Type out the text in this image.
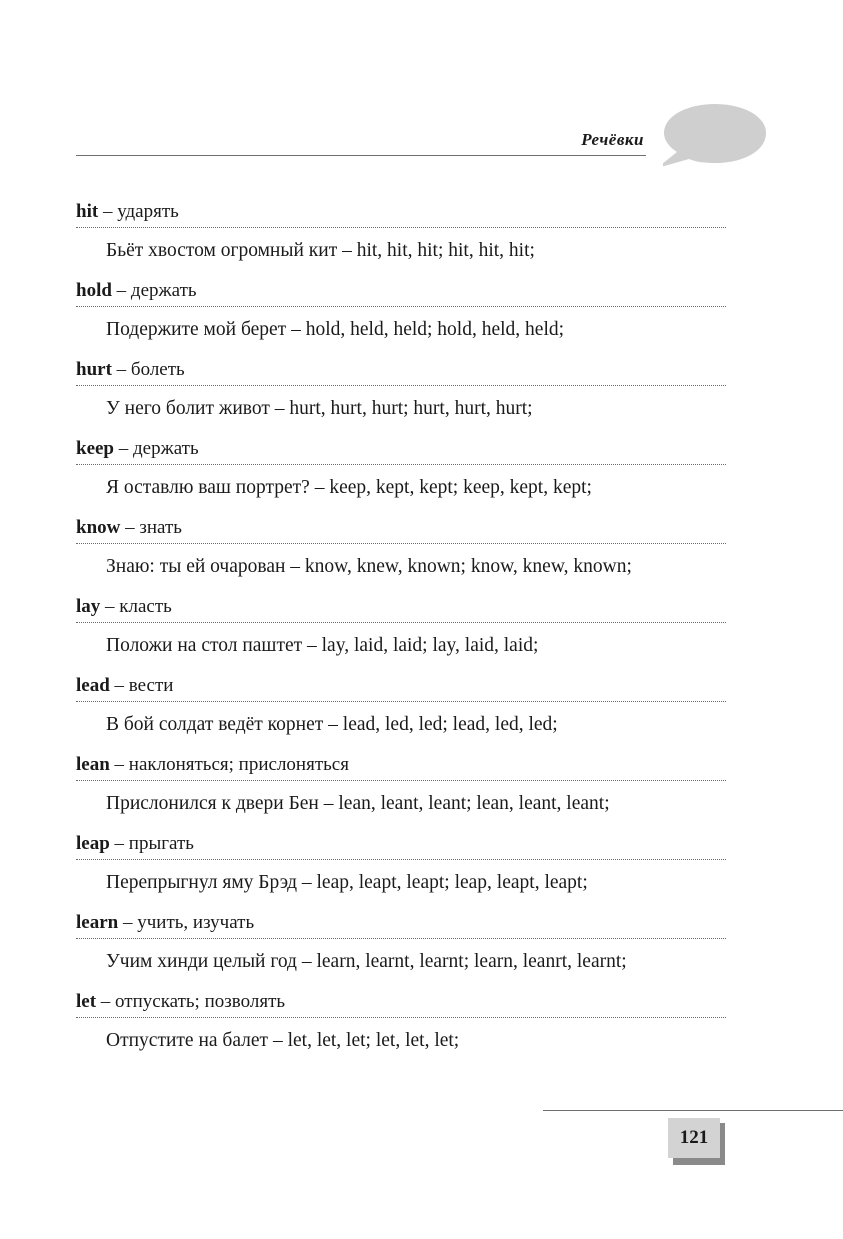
Речёвки
hit – ударять
Бьёт хвостом огромный кит – hit, hit, hit; hit, hit, hit;
hold – держать
Подержите мой берет – hold, held, held; hold, held, held;
hurt – болеть
У него болит живот – hurt, hurt, hurt; hurt, hurt, hurt;
keep – держать
Я оставлю ваш портрет? – keep, kept, kept; keep, kept, kept;
know – знать
Знаю: ты ей очарован – know, knew, known; know, knew, known;
lay – класть
Положи на стол паштет – lay, laid, laid; lay, laid, laid;
lead – вести
В бой солдат ведёт корнет – lead, led, led; lead, led, led;
lean – наклоняться; прислоняться
Прислонился к двери Бен – lean, leant, leant; lean, leant, leant;
leap – прыгать
Перепрыгнул яму Брэд – leap, leapt, leapt; leap, leapt, leapt;
learn – учить, изучать
Учим хинди целый год – learn, learnt, learnt; learn, leanrt, learnt;
let – отпускать; позволять
Отпустите на балет – let, let, let; let, let, let;
121
